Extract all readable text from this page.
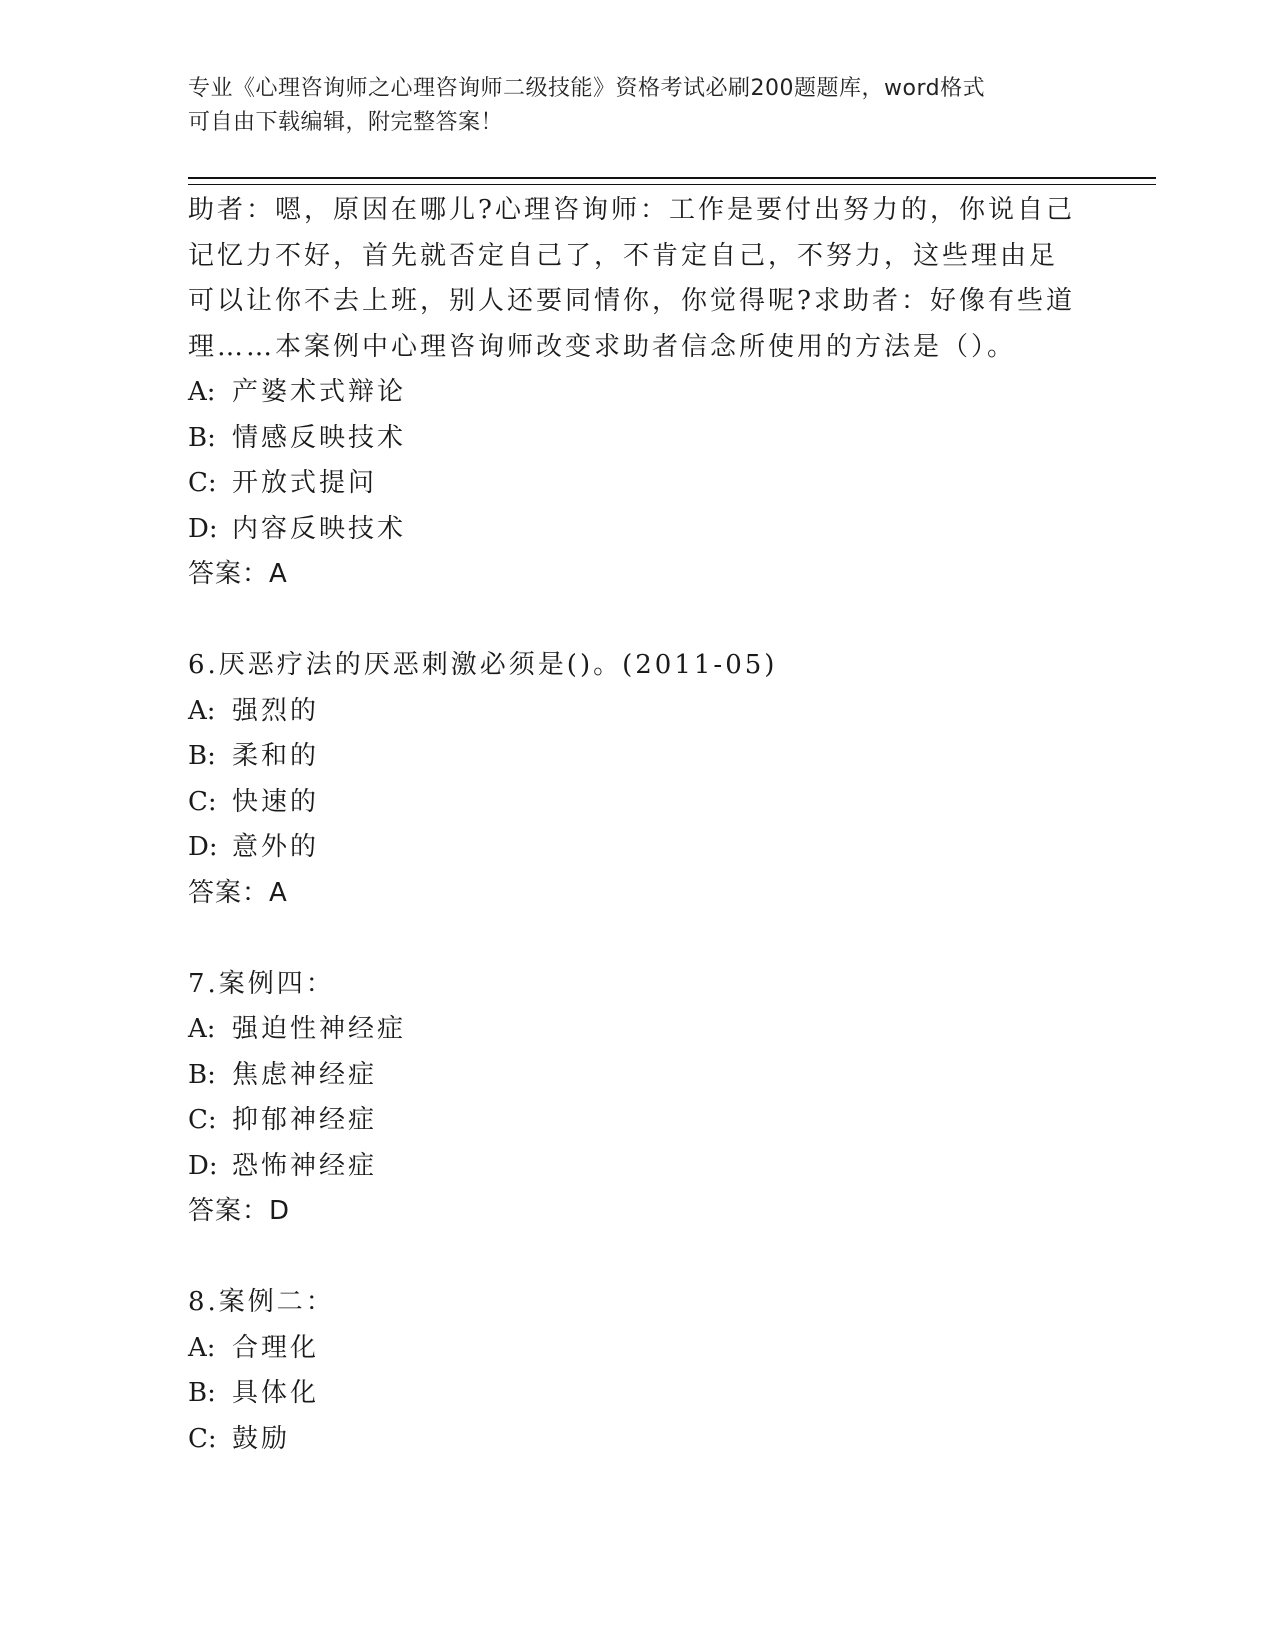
专业《心理咨询师之心理咨询师二级技能》资格考试必刷200题题库，word格式
可自由下载编辑，附完整答案！
助者：嗯，原因在哪儿?心理咨询师：工作是要付出努力的，你说自己
记忆力不好，首先就否定自己了，不肯定自己，不努力，这些理由足
可以让你不去上班，别人还要同情你，你觉得呢?求助者：好像有些道
理……本案例中心理咨询师改变求助者信念所使用的方法是（）。
A: 产婆术式辩论
B: 情感反映技术
C: 开放式提问
D: 内容反映技术
答案：A
6.厌恶疗法的厌恶刺激必须是()。(2011-05)
A: 强烈的
B: 柔和的
C: 快速的
D: 意外的
答案：A
7.案例四：
A: 强迫性神经症
B: 焦虑神经症
C: 抑郁神经症
D: 恐怖神经症
答案：D
8.案例二：
A: 合理化
B: 具体化
C: 鼓励
